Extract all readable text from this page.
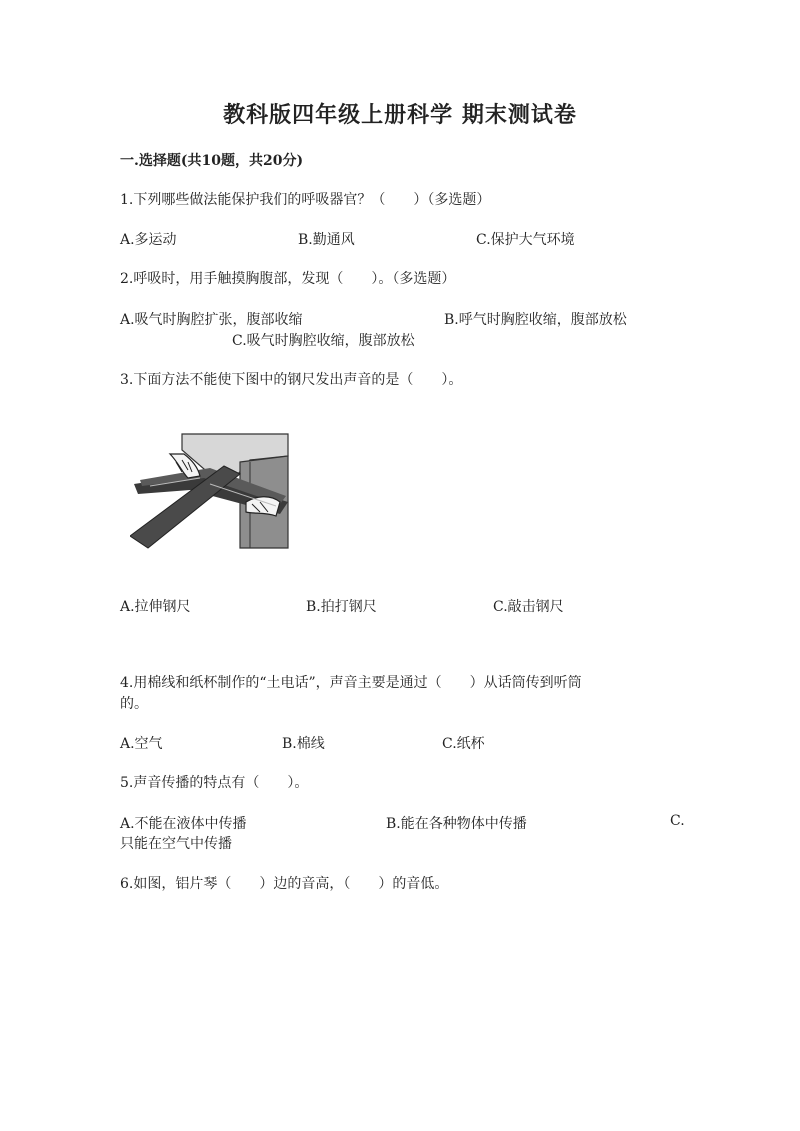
教科版四年级上册科学 期末测试卷
一.选择题(共10题，共20分)
1.下列哪些做法能保护我们的呼吸器官？（　　）（多选题）
A.多运动	B.勤通风	C.保护大气环境
2.呼吸时，用手触摸胸腹部，发现（　　）。（多选题）
A.吸气时胸腔扩张，腹部收缩	B.呼气时胸腔收缩，腹部放松
C.吸气时胸腔收缩，腹部放松
3.下面方法不能使下图中的钢尺发出声音的是（　　）。
A.拉伸钢尺	B.拍打钢尺	C.敲击钢尺
4.用棉线和纸杯制作的“土电话”，声音主要是通过（　　）从话筒传到听筒
的。
A.空气	B.棉线	C.纸杯
5.声音传播的特点有（　　）。
A.不能在液体中传播	B.能在各种物体中传播	C.
只能在空气中传播
6.如图，铝片琴（　　）边的音高，（　　）的音低。
